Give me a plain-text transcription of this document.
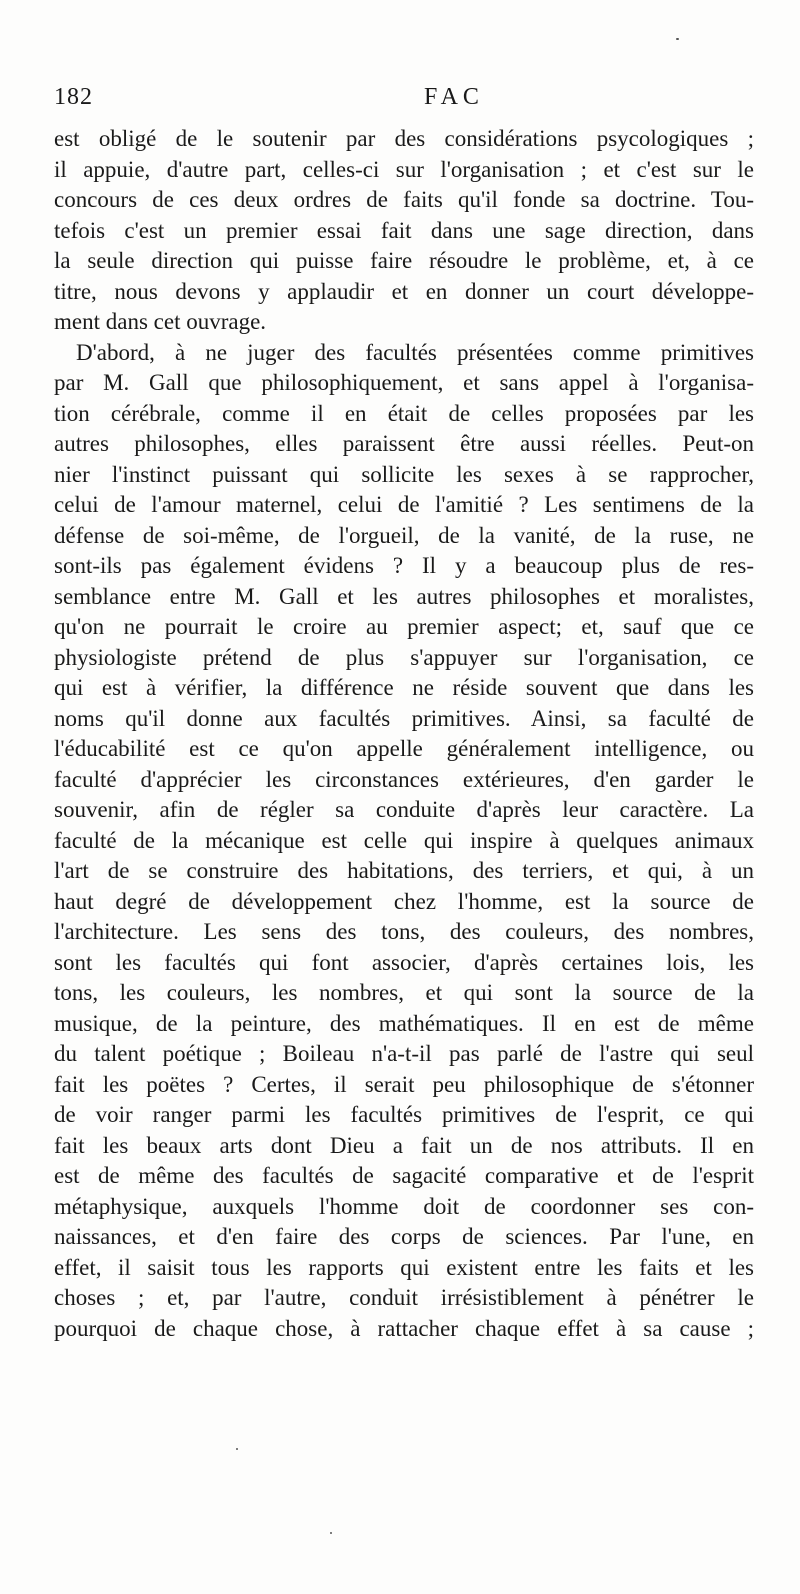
182	FAC
est obligé de le soutenir par des considérations psycologiques ;
il appuie, d'autre part, celles-ci sur l'organisation ; et c'est sur le
concours de ces deux ordres de faits qu'il fonde sa doctrine. Tou-
tefois c'est un premier essai fait dans une sage direction, dans
la seule direction qui puisse faire résoudre le problème, et, à ce
titre, nous devons y applaudir et en donner un court développe-
ment dans cet ouvrage.
D'abord, à ne juger des facultés présentées comme primitives
par M. Gall que philosophiquement, et sans appel à l'organisa-
tion cérébrale, comme il en était de celles proposées par les
autres philosophes, elles paraissent être aussi réelles. Peut-on
nier l'instinct puissant qui sollicite les sexes à se rapprocher,
celui de l'amour maternel, celui de l'amitié ? Les sentimens de la
défense de soi-même, de l'orgueil, de la vanité, de la ruse, ne
sont-ils pas également évidens ? Il y a beaucoup plus de res-
semblance entre M. Gall et les autres philosophes et moralistes,
qu'on ne pourrait le croire au premier aspect; et, sauf que ce
physiologiste prétend de plus s'appuyer sur l'organisation, ce
qui est à vérifier, la différence ne réside souvent que dans les
noms qu'il donne aux facultés primitives. Ainsi, sa faculté de
l'éducabilité est ce qu'on appelle généralement intelligence, ou
faculté d'apprécier les circonstances extérieures, d'en garder le
souvenir, afin de régler sa conduite d'après leur caractère. La
faculté de la mécanique est celle qui inspire à quelques animaux
l'art de se construire des habitations, des terriers, et qui, à un
haut degré de développement chez l'homme, est la source de
l'architecture. Les sens des tons, des couleurs, des nombres,
sont les facultés qui font associer, d'après certaines lois, les
tons, les couleurs, les nombres, et qui sont la source de la
musique, de la peinture, des mathématiques. Il en est de même
du talent poétique ; Boileau n'a-t-il pas parlé de l'astre qui seul
fait les poëtes ? Certes, il serait peu philosophique de s'étonner
de voir ranger parmi les facultés primitives de l'esprit, ce qui
fait les beaux arts dont Dieu a fait un de nos attributs. Il en
est de même des facultés de sagacité comparative et de l'esprit
métaphysique, auxquels l'homme doit de coordonner ses con-
naissances, et d'en faire des corps de sciences. Par l'une, en
effet, il saisit tous les rapports qui existent entre les faits et les
choses ; et, par l'autre, conduit irrésistiblement à pénétrer le
pourquoi de chaque chose, à rattacher chaque effet à sa cause ;
